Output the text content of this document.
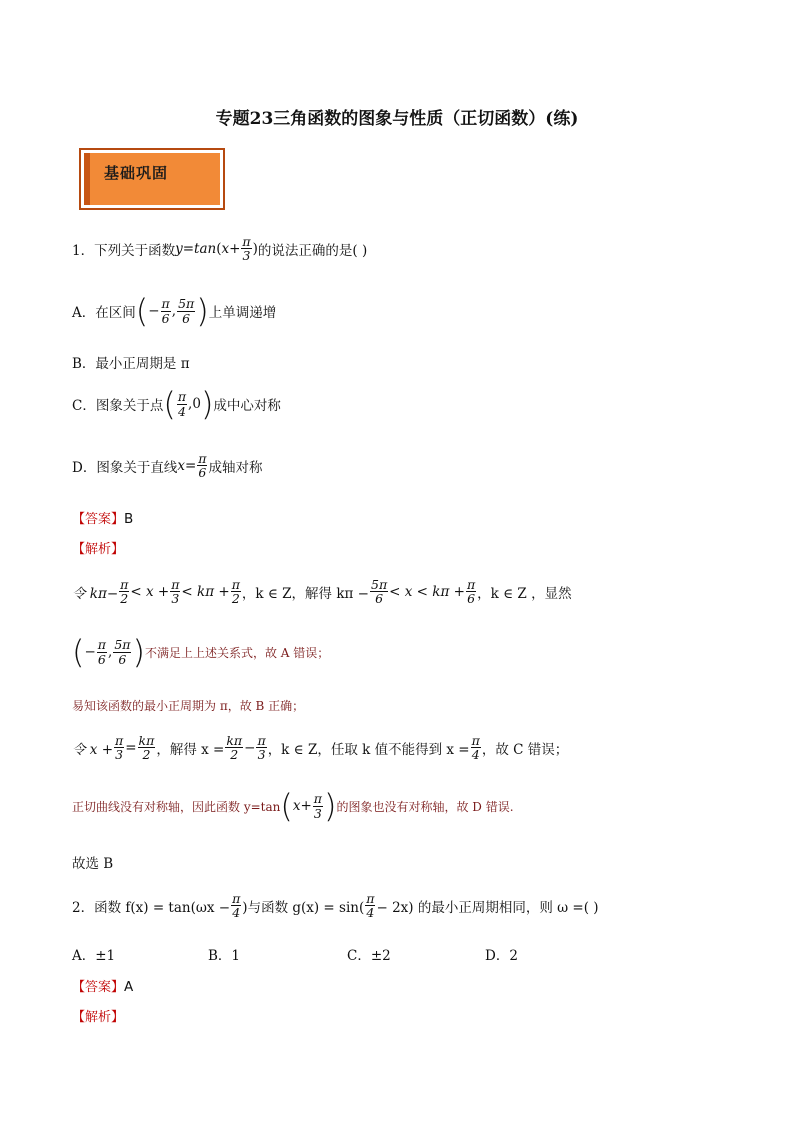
专题23三角函数的图象与性质（正切函数）(练)
基础巩固
1．下列关于函数 y=tan ( $x+ \frac{\pi}{3}$ ) 的说法正确的是( )
A．在区间 ( − $\frac{\pi}{6}$ , $\frac{5\pi}{6}$ ) 上单调递增
B．最小正周期是 π
C．图象关于点 ( $\frac{\pi}{4}$ , 0 ) 成中心对称
D．图象关于直线 $x= \frac{\pi}{6}$ 成轴对称
【答案】B
【解析】
令 $k\pi- \frac{\pi}{2} < x + \frac{\pi}{3} < k\pi + \frac{\pi}{2}$ ，k ∈ Z，解得 $k\pi - \frac{5\pi}{6} < x < k\pi + \frac{\pi}{6}$ ，k ∈ Z ，显然
( − $\frac{\pi}{6}$ , $\frac{5\pi}{6}$ ) 不满足上上述关系式，故 A 错误；
易知该函数的最小正周期为 π，故 B 正确；
令 $x + \frac{\pi}{3} = \frac{k\pi}{2}$ ，解得 $x = \frac{k\pi}{2} - \frac{\pi}{3}$ ，k ∈ Z，任取 k 值不能得到 $x = \frac{\pi}{4}$ ，故 C 错误；
正切曲线没有对称轴，因此函数 y=tan ( $x+ \frac{\pi}{3}$ ) 的图象也没有对称轴，故 D 错误.
故选 B
2．函数 $f(x) = \tan(\omega x - \frac{\pi}{4}$ )与函数 $g(x) = \sin( \frac{\pi}{4} - 2x)$ 的最小正周期相同，则 ω =( )
A．±1	B．1	C．±2	D．2
【答案】A
【解析】
